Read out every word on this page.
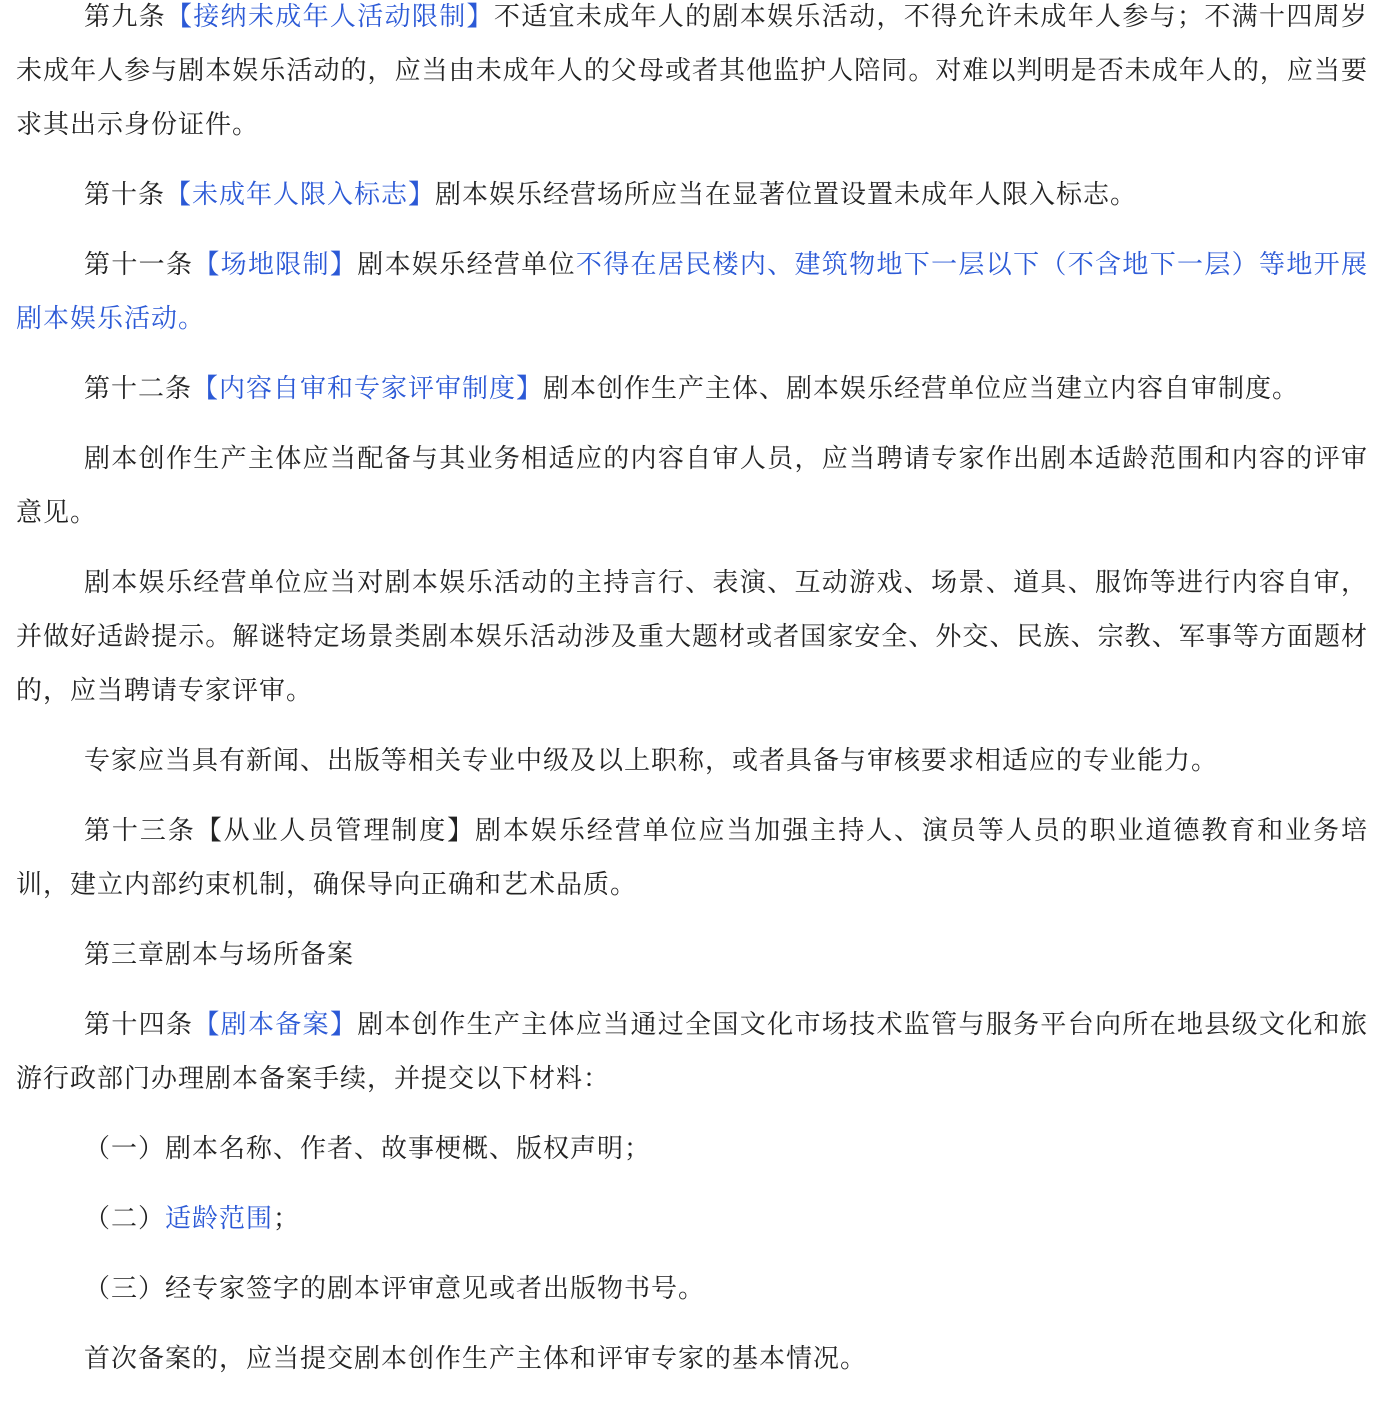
第九条【接纳未成年人活动限制】不适宜未成年人的剧本娱乐活动，不得允许未成年人参与；不满十四周岁未成年人参与剧本娱乐活动的，应当由未成年人的父母或者其他监护人陪同。对难以判明是否未成年人的，应当要求其出示身份证件。

第十条【未成年人限入标志】剧本娱乐经营场所应当在显著位置设置未成年人限入标志。

第十一条【场地限制】剧本娱乐经营单位不得在居民楼内、建筑物地下一层以下（不含地下一层）等地开展剧本娱乐活动。

第十二条【内容自审和专家评审制度】剧本创作生产主体、剧本娱乐经营单位应当建立内容自审制度。

剧本创作生产主体应当配备与其业务相适应的内容自审人员，应当聘请专家作出剧本适龄范围和内容的评审意见。

剧本娱乐经营单位应当对剧本娱乐活动的主持言行、表演、互动游戏、场景、道具、服饰等进行内容自审，并做好适龄提示。解谜特定场景类剧本娱乐活动涉及重大题材或者国家安全、外交、民族、宗教、军事等方面题材的，应当聘请专家评审。

专家应当具有新闻、出版等相关专业中级及以上职称，或者具备与审核要求相适应的专业能力。

第十三条【从业人员管理制度】剧本娱乐经营单位应当加强主持人、演员等人员的职业道德教育和业务培训，建立内部约束机制，确保导向正确和艺术品质。

第三章剧本与场所备案

第十四条【剧本备案】剧本创作生产主体应当通过全国文化市场技术监管与服务平台向所在地县级文化和旅游行政部门办理剧本备案手续，并提交以下材料：

（一）剧本名称、作者、故事梗概、版权声明；

（二）适龄范围；

（三）经专家签字的剧本评审意见或者出版物书号。

首次备案的，应当提交剧本创作生产主体和评审专家的基本情况。
